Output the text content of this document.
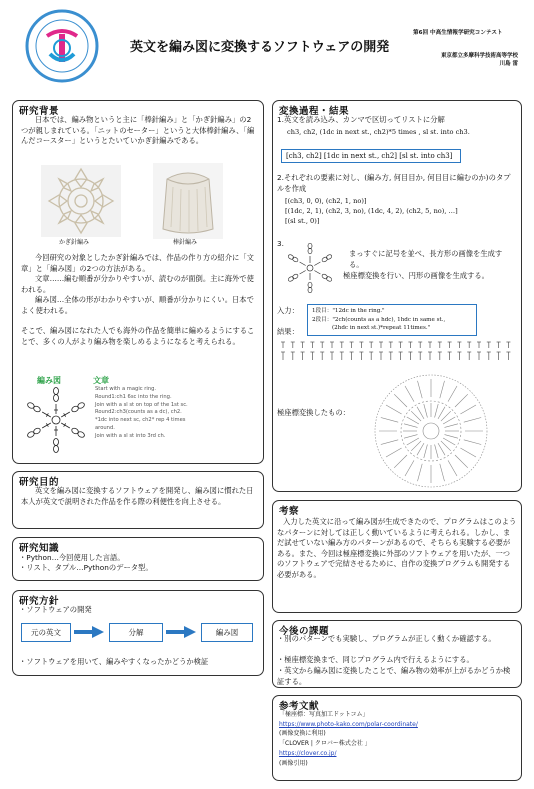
英文を編み図に変換するソフトウェアの開発
第6回 中高生情報学研究コンテスト
東京都立多摩科学技術高等学校
川島 雷
研究背景
日本では、編み物というと主に「棒針編み」と「かぎ針編み」の2つが親しまれている。「ニットのセーター」というと大体棒針編み、「編んだコースター」というとたいていかぎ針編みである。
かぎ針編み	棒針編み
今回研究の対象としたかぎ針編みでは、作品の作り方の紹介に「文章」と「編み図」の2つの方法がある。
文章……編む順番が分かりやすいが、読むのが面倒。主に海外で使われる。
編み図…全体の形がわかりやすいが、順番が分かりにくい。日本でよく使われる。
そこで、編み図になれた人でも海外の作品を簡単に編めるようにすることで、多くの人がより編み物を楽しめるようになると考えられる。
編み図	文章
Start with a magic ring.
Round1:ch1 6sc into the ring.
Join with a sl st on top of the 1st sc.
Round2:ch3(counts as a dc), ch2.
*1dc into next sc, ch2* rep 4 times
around.
Join with a sl st into 3rd ch.
研究目的
英文を編み図に変換するソフトウェアを開発し、編み図に慣れた日本人が英文で説明された作品を作る際の利便性を向上させる。
研究知識
・Python…今回使用した言語。
・リスト、タプル…Pythonのデータ型。
研究方針
・ソフトウェアの開発
元の英文	分解	編み図
・ソフトウェアを用いて、編みやすくなったかどうか検証
変換過程・結果
1.英文を読み込み、カンマで区切ってリストに分解
ch3, ch2, (1dc in next st., ch2)*5 times , sl st. into ch3.
[ch3, ch2] [1dc in next st., ch2] [sl st. into ch3]
2.それぞれの要素に対し、(編み方, 何目目か, 何目目に編むのか)のタプルを作成
[(ch3, 0, 0), (ch2, 1, no)]
[(1dc, 2, 1), (ch2, 3, no), (1dc, 4, 2), (ch2, 5, no), …]
[(sl st., 0)]
3.
まっすぐに記号を並べ、長方形の画像を生成する。
極座標変換を行い、円形の画像を生成する。
入力： 1段目："12dc in the ring."
2段目："2ch(counts as a hdc), 1hdc in same st.,
(2hdc in next st.)*repeat 11times."
結果：
極座標変換したもの：
考察
入力した英文に沿って編み図が生成できたので、プログラムはこのようなパターンに対しては正しく動いているように考えられる。しかし、まだ試せていない編み方のパターンがあるので、そちらも実験する必要がある。また、今回は極座標変換に外部のソフトウェアを用いたが、一つのソフトウェアで完結させるために、自作の変換プログラムも開発する必要がある。
今後の課題
・別のパターンでも実験し、プログラムが正しく動くか確認する。
・極座標変換まで、同じプログラム内で行えるようにする。
・英文から編み図に変換したことで、編み物の効率が上がるかどうか検証する。
参考文献
「極座標：写真加工ドットコム」
https://www.photo-kako.com/polar-coordinate/
(画像変換に利用)
「CLOVER | クロバー株式会社 」
https://clover.co.jp/
(画像引用)
